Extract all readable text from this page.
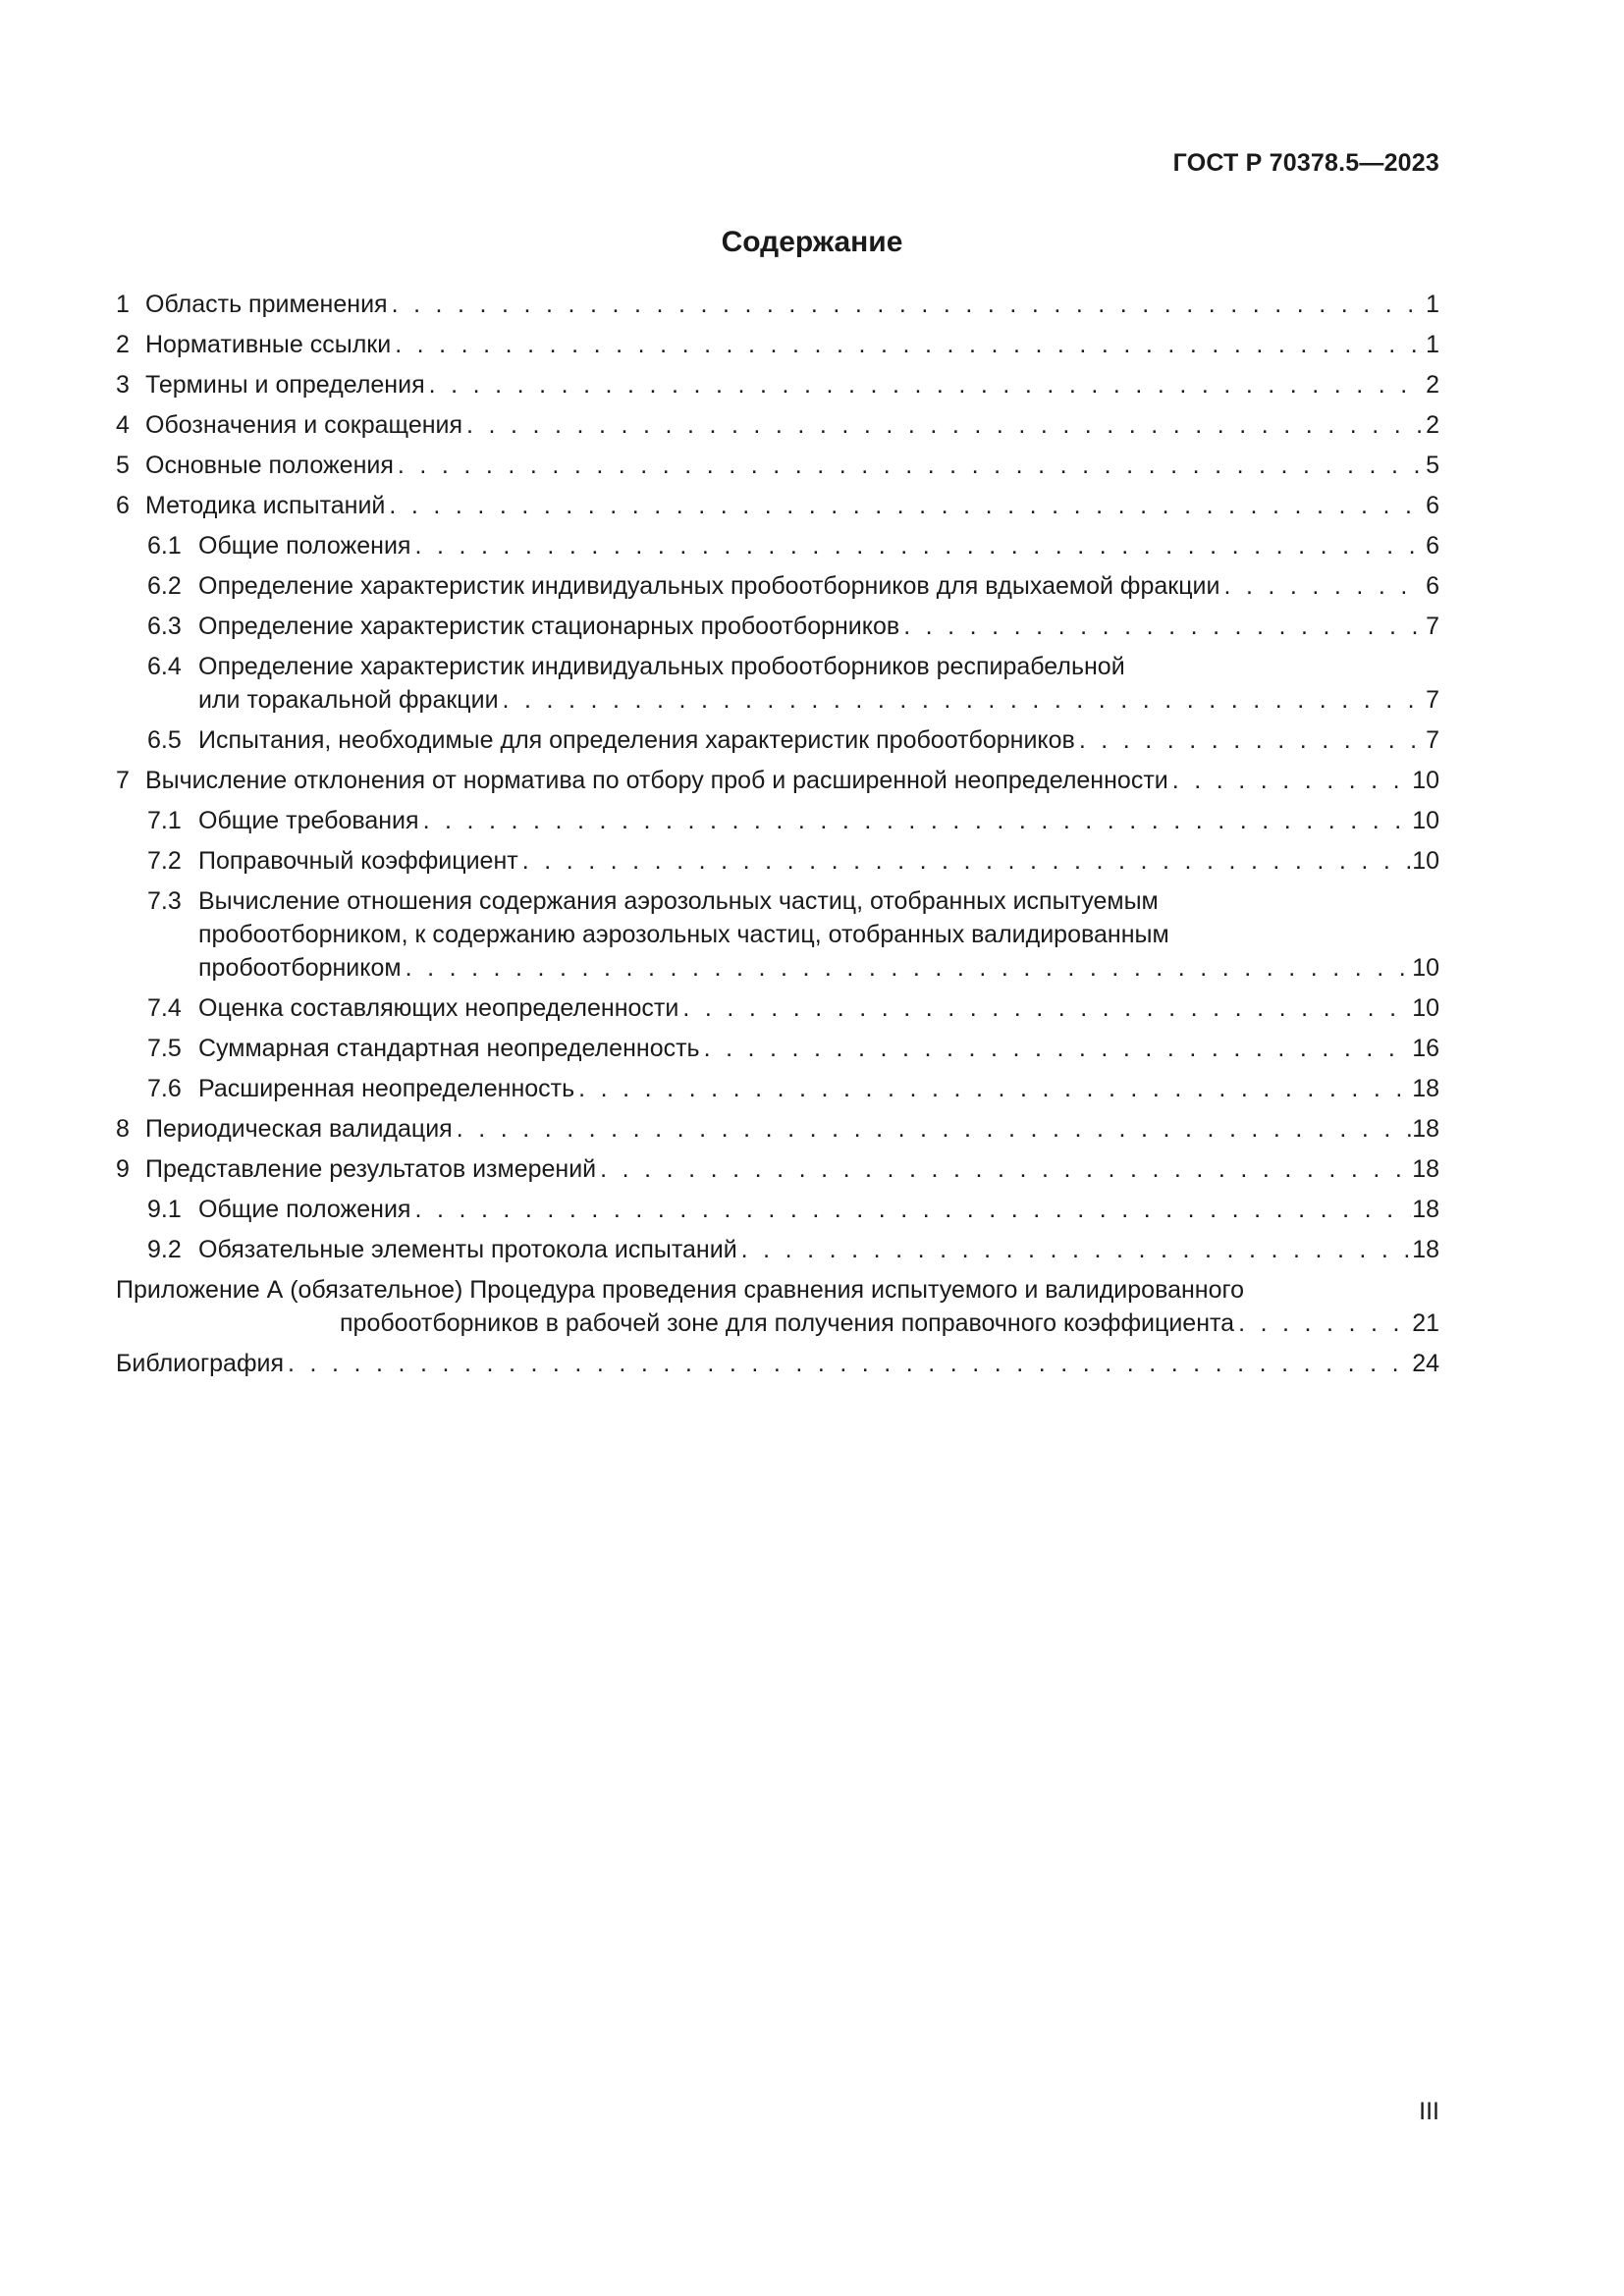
ГОСТ Р 70378.5—2023
Содержание
1 Область применения . . .	1
2 Нормативные ссылки . . .	1
3 Термины и определения . . .	2
4 Обозначения и сокращения . . .	2
5 Основные положения . . .	5
6 Методика испытаний . . .	6
6.1 Общие положения . . .	6
6.2 Определение характеристик индивидуальных пробоотборников для вдыхаемой фракции . . .	6
6.3 Определение характеристик стационарных пробоотборников . . .	7
6.4 Определение характеристик индивидуальных пробоотборников респирабельной
или торакальной фракции . . .	7
6.5 Испытания, необходимые для определения характеристик пробоотборников . . .	7
7 Вычисление отклонения от норматива по отбору проб и расширенной неопределенности . . .	10
7.1 Общие требования . . .	10
7.2 Поправочный коэффициент . . .	10
7.3 Вычисление отношения содержания аэрозольных частиц, отобранных испытуемым
пробоотборником, к содержанию аэрозольных частиц, отобранных валидированным
пробоотборником . . .	10
7.4 Оценка составляющих неопределенности . . .	10
7.5 Суммарная стандартная неопределенность . . .	16
7.6 Расширенная неопределенность . . .	18
8 Периодическая валидация . . .	18
9 Представление результатов измерений . . .	18
9.1 Общие положения . . .	18
9.2 Обязательные элементы протокола испытаний . . .	18
Приложение А (обязательное) Процедура проведения сравнения испытуемого и валидированного
пробоотборников в рабочей зоне для получения поправочного коэффициента . . .	21
Библиография . . .	24
III
